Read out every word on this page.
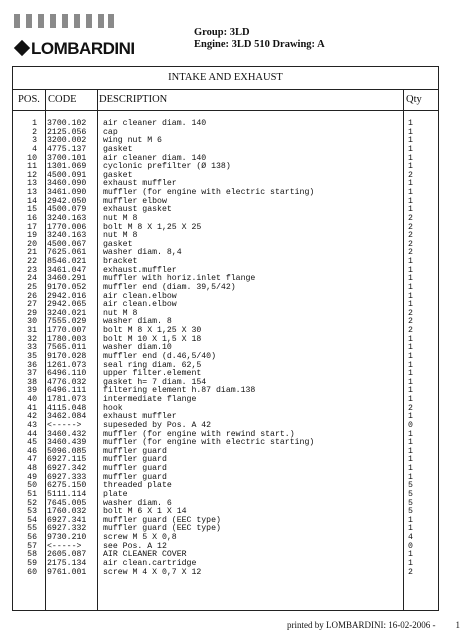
LOMBARDINI
Group: 3LD
Engine: 3LD 510 Drawing: A
INTAKE AND EXHAUST
POS. CODE	DESCRIPTION	Qty
1 3700.102 air cleaner diam. 140	1
2 2125.056 cap	1
3 3200.002 wing nut M 6	1
4 4775.137 gasket	1
10 3700.101 air cleaner diam. 140	1
11 1301.069 cyclonic prefilter (Ø 138)	1
12 4500.091 gasket	2
13 3460.090 exhaust muffler	1
13 3461.090 muffler (for engine with electric starting)	1
14 2942.050 muffler elbow	1
15 4500.079 exhaust gasket	1
16 3240.163 nut M 8	2
17 1770.006 bolt M 8 X 1,25 X 25	2
19 3240.163 nut M 8	2
20 4500.067 gasket	2
21 7625.061 washer diam. 8,4	2
22 8546.021 bracket	1
23 3461.047 exhaust.muffler	1
24 3460.291 muffler with horiz.inlet flange	1
25 9170.052 muffler end (diam. 39,5/42)	1
26 2942.016 air clean.elbow	1
27 2942.065 air clean.elbow	1
29 3240.021 nut M 8	2
30 7555.029 washer diam. 8	2
31 1770.007 bolt M 8 X 1,25 X 30	2
32 1780.003 bolt M 10 X 1,5 X 18	1
33 7565.011 washer diam.10	1
35 9170.028 muffler end (d.46,5/40)	1
36 1261.073 seal ring diam. 62,5	1
37 6496.110 upper filter.element	1
38 4776.032 gasket h= 7 diam. 154	1
39 6496.111 filtering element h.87 diam.138	1
40 1781.073 intermediate flange	1
41 4115.048 hook	2
42 3462.084 exhaust muffler	1
43 <----->	supeseded by Pos. A 42	0
44 3460.432 muffler (for engine with rewind start.)	1
45 3460.439 muffler (for engine with electric starting)	1
46 5096.085 muffler guard	1
47 6927.115 muffler guard	1
48 6927.342 muffler guard	1
49 6927.333 muffler guard	1
50 6275.150 threaded plate	5
51 5111.114 plate	5
52 7645.005 washer diam. 6	5
53 1760.032 bolt M 6 X 1 X 14	5
54 6927.341 muffler guard (EEC type)	1
55 6927.332 muffler guard (EEC type)	1
56 9730.210 screw M 5 X 0,8	4
57 <----->	see Pos. A 12	0
58 2605.087 AIR CLEANER COVER	1
59 2175.134 air clean.cartridge	1
60 9761.001 screw M 4 X 0,7 X 12	2
printed by LOMBARDINI: 16-02-2006 - 1
